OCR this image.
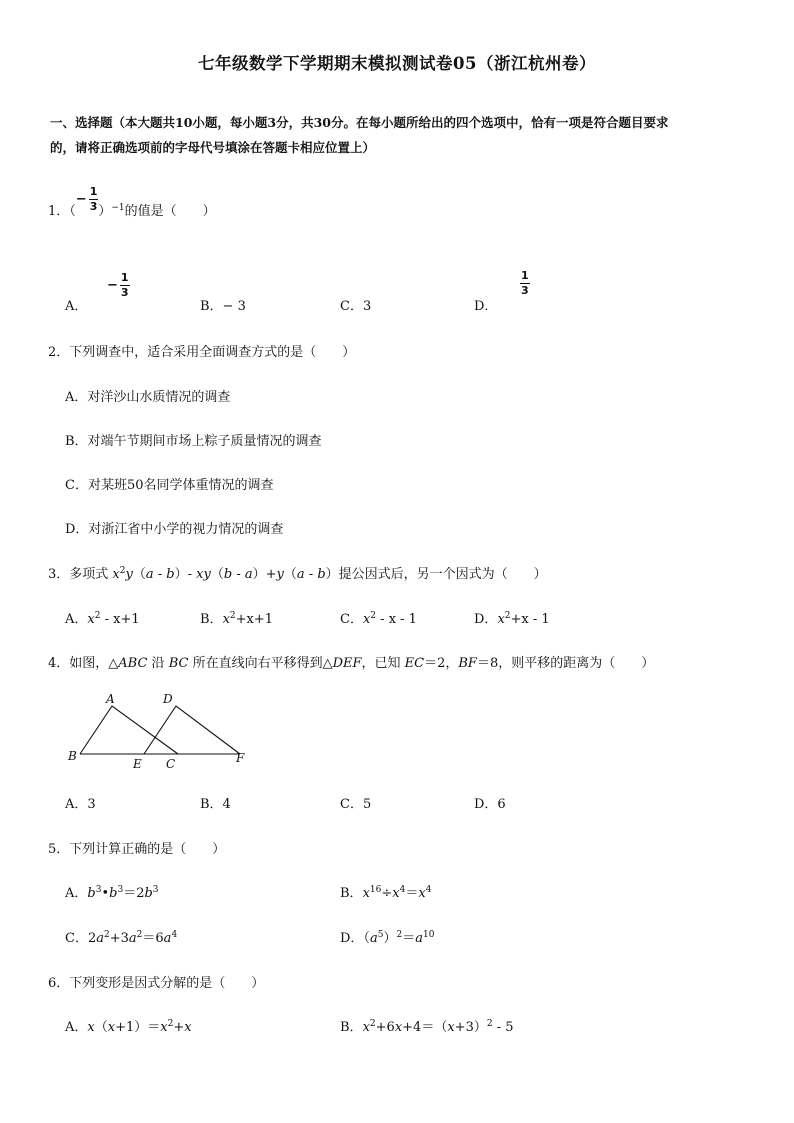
七年级数学下学期期末模拟测试卷05（浙江杭州卷）
一、选择题（本大题共10小题，每小题3分，共30分。在每小题所给出的四个选项中，恰有一项是符合题目要求
的，请将正确选项前的字母代号填涂在答题卡相应位置上）
1．（− $\frac{1}{3} )^{-1}$的值是（　　）
A．
− $\frac{1}{3}$
B．− 3	C．3	D．
$\frac{1}{3}$
2．下列调查中，适合采用全面调查方式的是（　　）
A．对洋沙山水质情况的调查
B．对端午节期间市场上粽子质量情况的调查
C．对某班50名同学体重情况的调查
D．对浙江省中小学的视力情况的调查
3．多项式 $x^2y(a - b)-$ xy（b - a）+y（a - b）提公因式后，另一个因式为（　　）
A．$x^2 - x+1$	B．$x^2+x+1$	C．$x^2$ - x - 1	D．$x^2+x - 1$
4．如图，△ABC 沿 BC 所在直线向右平移得到△DEF，已知 EC＝2，BF＝8，则平移的距离为（　　）
A	D
B
E C	F
A．3	B．4	C．5	D．6
5．下列计算正确的是（　　）
A．$b^3•b^3=2b^3$	B．$x^{16}\div x^4=x^4$
C．$2a^2+3a^2=6a^4$	D．$(a^5)^2=a^{10}$
6．下列变形是因式分解的是（　　）
A．$x(x+1)=x^2+x$	B．$x^2+6x+4=(x+3)^2 - 5$
